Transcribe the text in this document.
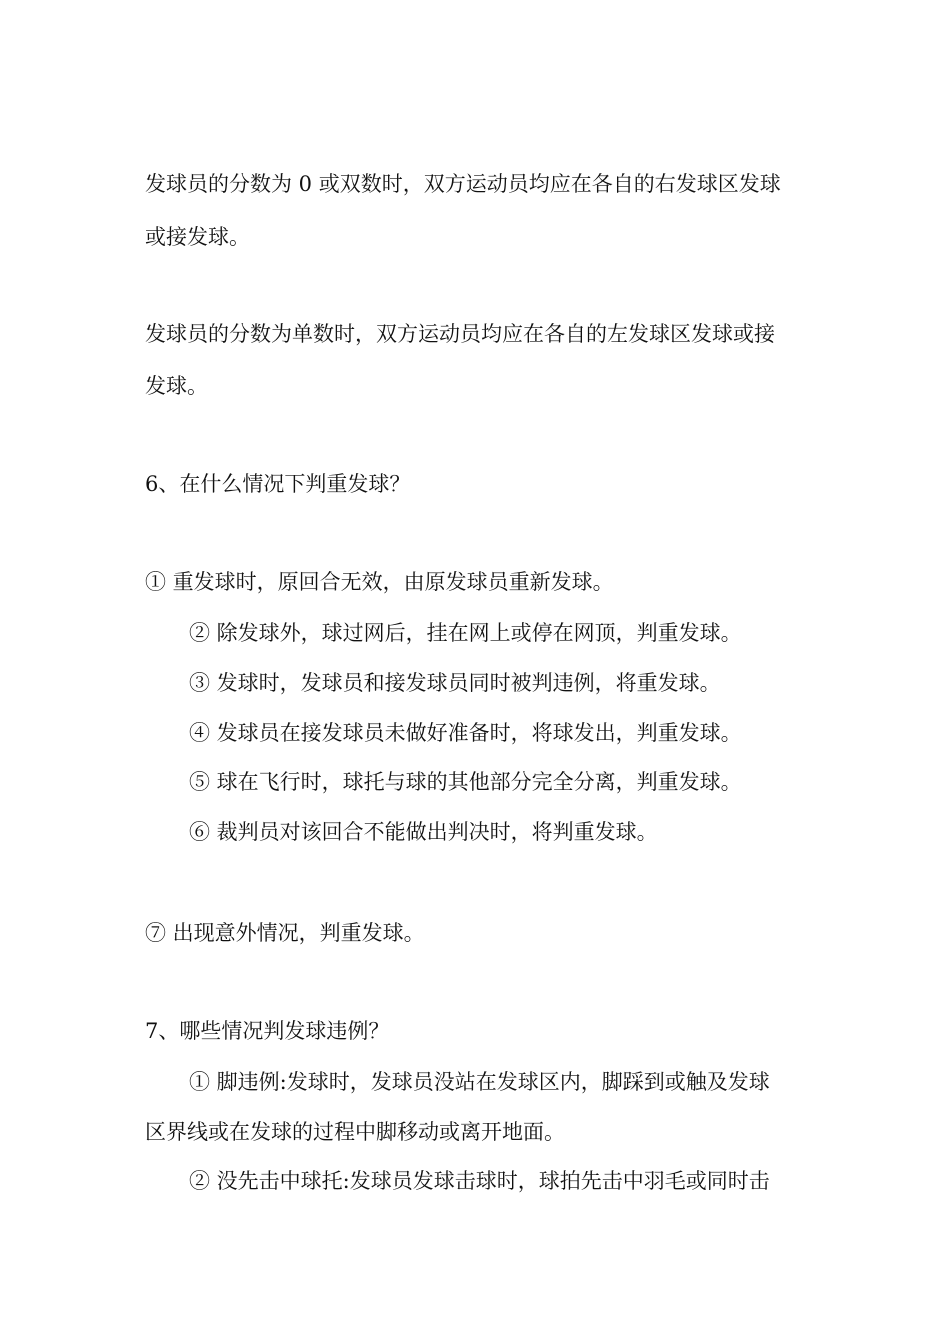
发球员的分数为 0 或双数时，双方运动员均应在各自的右发球区发球
或接发球。
发球员的分数为单数时，双方运动员均应在各自的左发球区发球或接
发球。
6、在什么情况下判重发球？
① 重发球时，原回合无效，由原发球员重新发球。
② 除发球外，球过网后，挂在网上或停在网顶，判重发球。
③ 发球时，发球员和接发球员同时被判违例，将重发球。
④ 发球员在接发球员未做好准备时，将球发出，判重发球。
⑤ 球在飞行时，球托与球的其他部分完全分离，判重发球。
⑥ 裁判员对该回合不能做出判决时，将判重发球。
⑦ 出现意外情况，判重发球。
7、哪些情况判发球违例？
① 脚违例:发球时，发球员没站在发球区内，脚踩到或触及发球
区界线或在发球的过程中脚移动或离开地面。
② 没先击中球托:发球员发球击球时，球拍先击中羽毛或同时击
